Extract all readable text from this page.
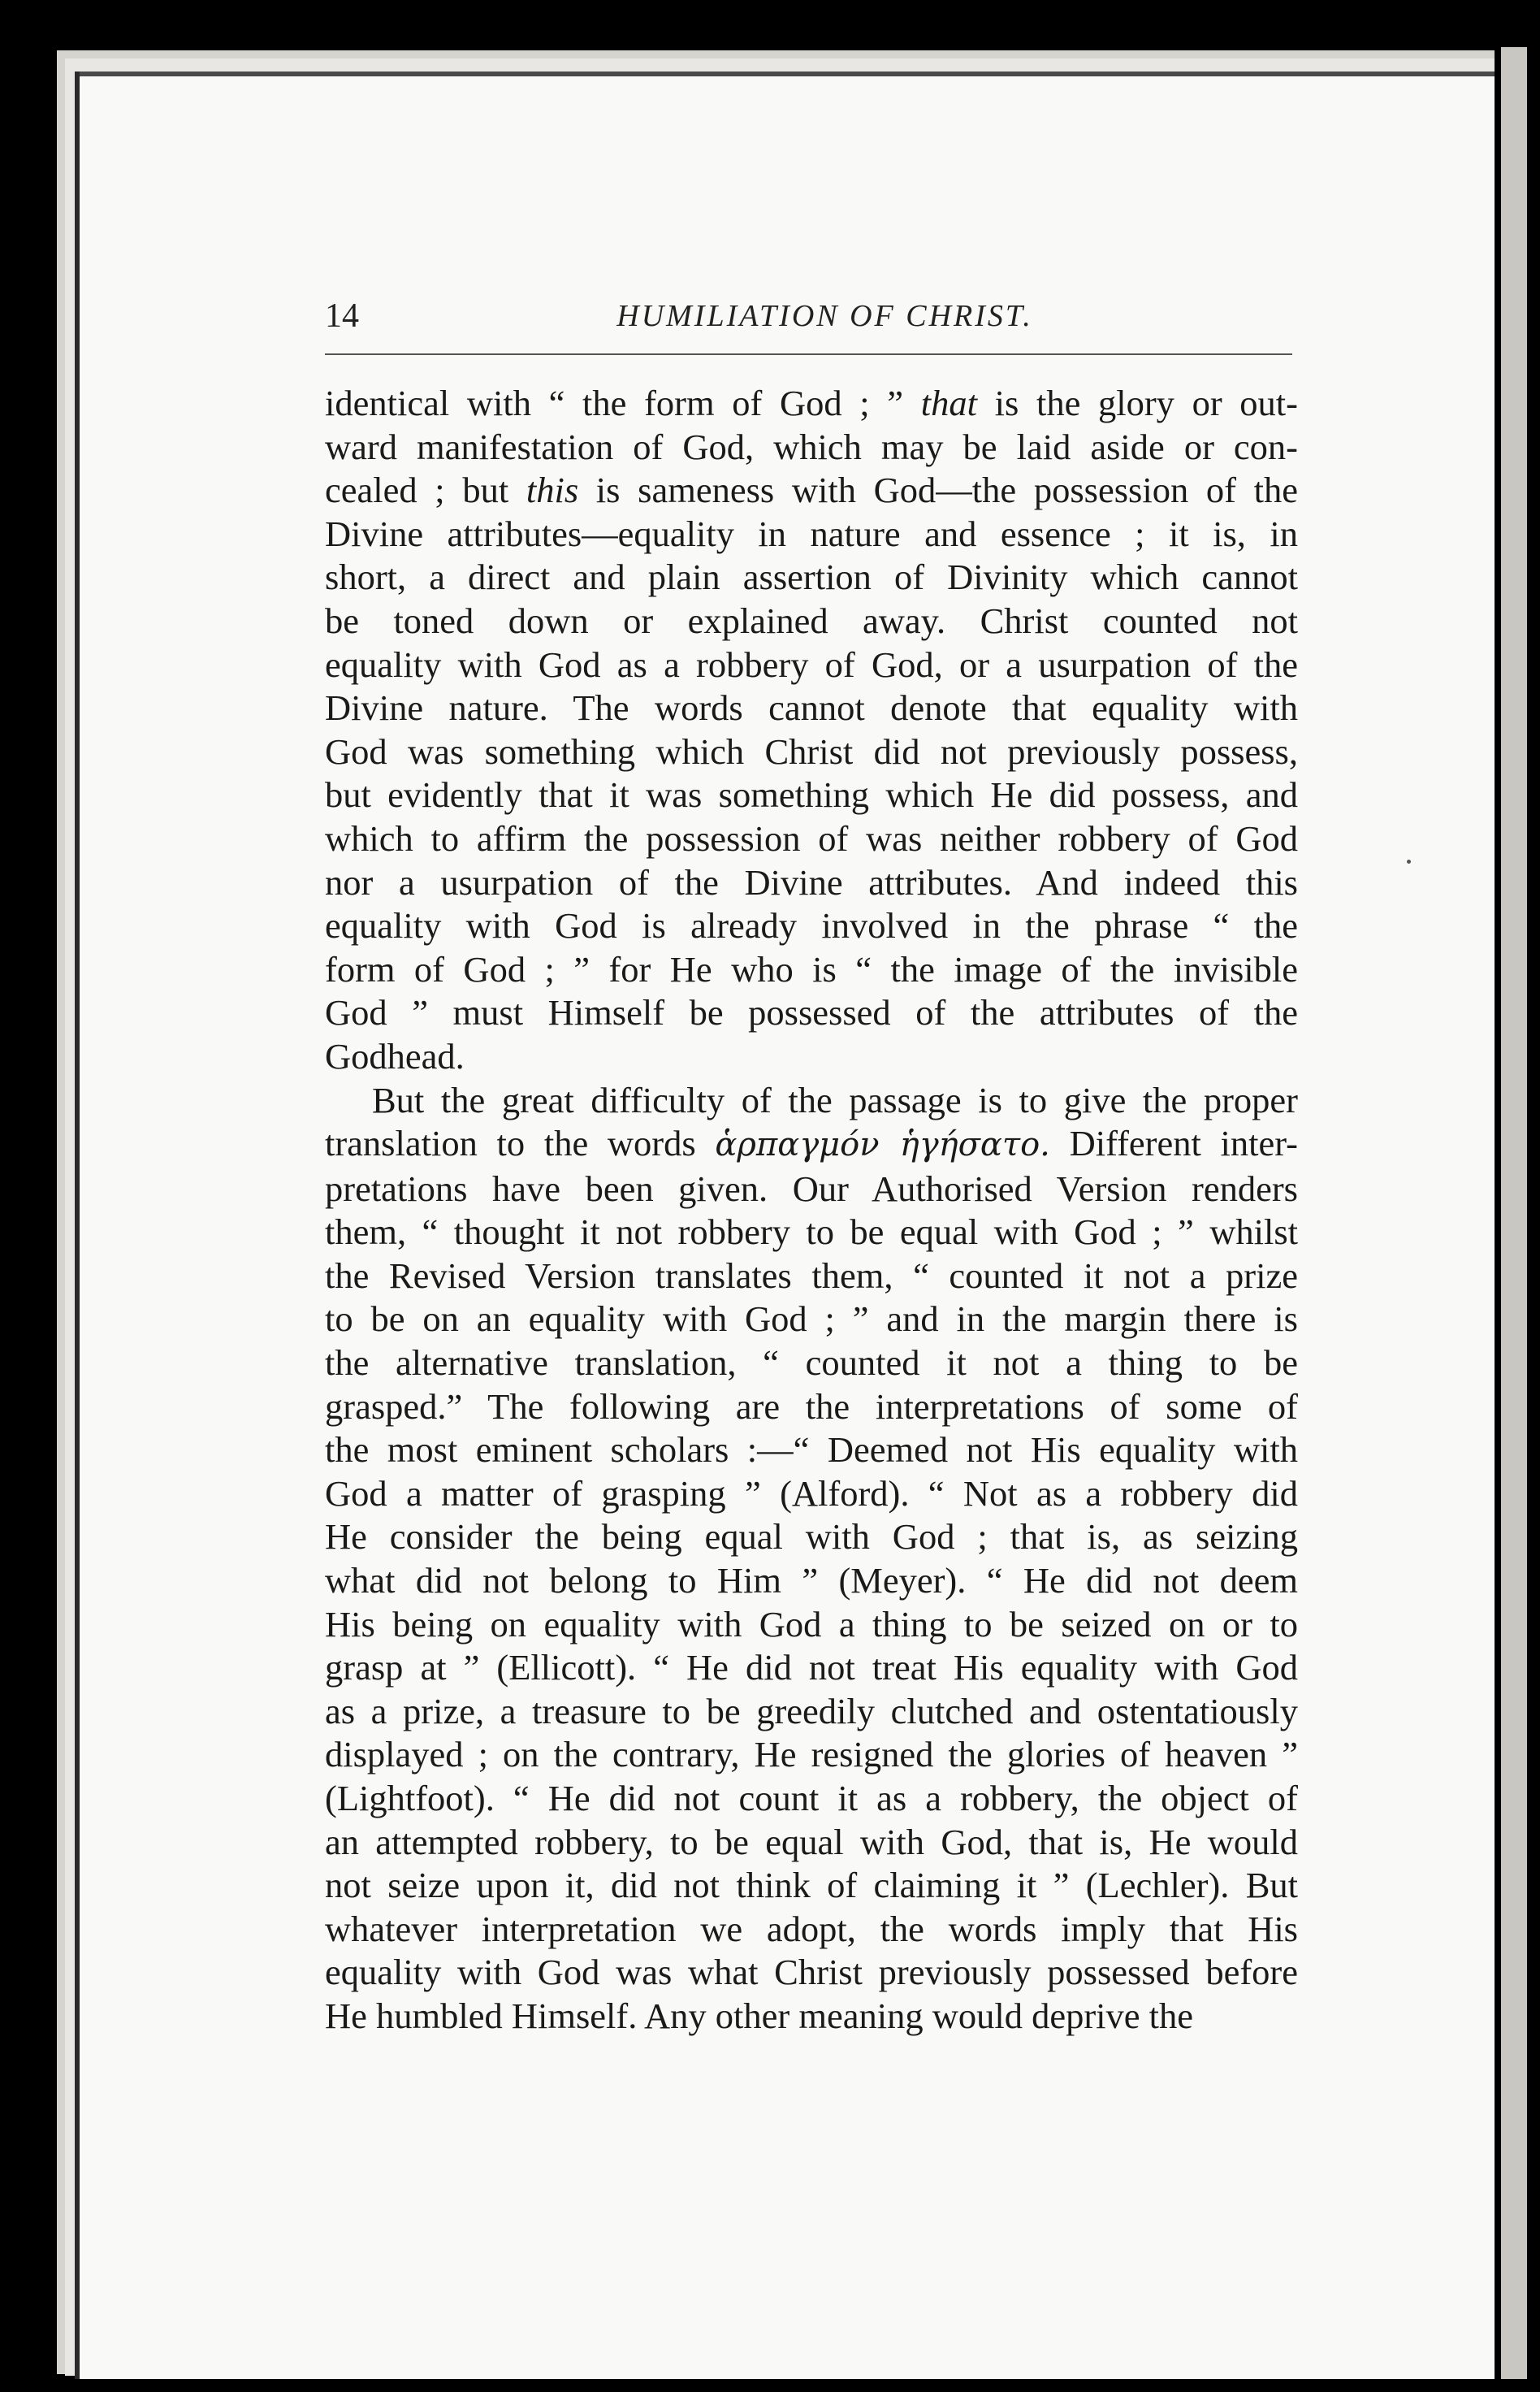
14	HUMILIATION OF CHRIST.
identical with “ the form of God ; ” that is the glory or out-
ward manifestation of God, which may be laid aside or con-
cealed ; but this is sameness with God—the possession of the
Divine attributes—equality in nature and essence ; it is, in
short, a direct and plain assertion of Divinity which cannot
be toned down or explained away. Christ counted not
equality with God as a robbery of God, or a usurpation of the
Divine nature. The words cannot denote that equality with
God was something which Christ did not previously possess,
but evidently that it was something which He did possess, and
which to affirm the possession of was neither robbery of God
nor a usurpation of the Divine attributes. And indeed this
equality with God is already involved in the phrase “ the
form of God ; ” for He who is “ the image of the invisible
God ” must Himself be possessed of the attributes of the
Godhead.
But the great difficulty of the passage is to give the proper
translation to the words ἁρπαγμόν ἡγήσατο. Different inter-
pretations have been given. Our Authorised Version renders
them, “ thought it not robbery to be equal with God ; ” whilst
the Revised Version translates them, “ counted it not a prize
to be on an equality with God ; ” and in the margin there is
the alternative translation, “ counted it not a thing to be
grasped.” The following are the interpretations of some of
the most eminent scholars :—“ Deemed not His equality with
God a matter of grasping ” (Alford). “ Not as a robbery did
He consider the being equal with God ; that is, as seizing
what did not belong to Him ” (Meyer). “ He did not deem
His being on equality with God a thing to be seized on or to
grasp at ” (Ellicott). “ He did not treat His equality with God
as a prize, a treasure to be greedily clutched and ostentatiously
displayed ; on the contrary, He resigned the glories of heaven ”
(Lightfoot). “ He did not count it as a robbery, the object of
an attempted robbery, to be equal with God, that is, He would
not seize upon it, did not think of claiming it ” (Lechler). But
whatever interpretation we adopt, the words imply that His
equality with God was what Christ previously possessed before
He humbled Himself. Any other meaning would deprive the
